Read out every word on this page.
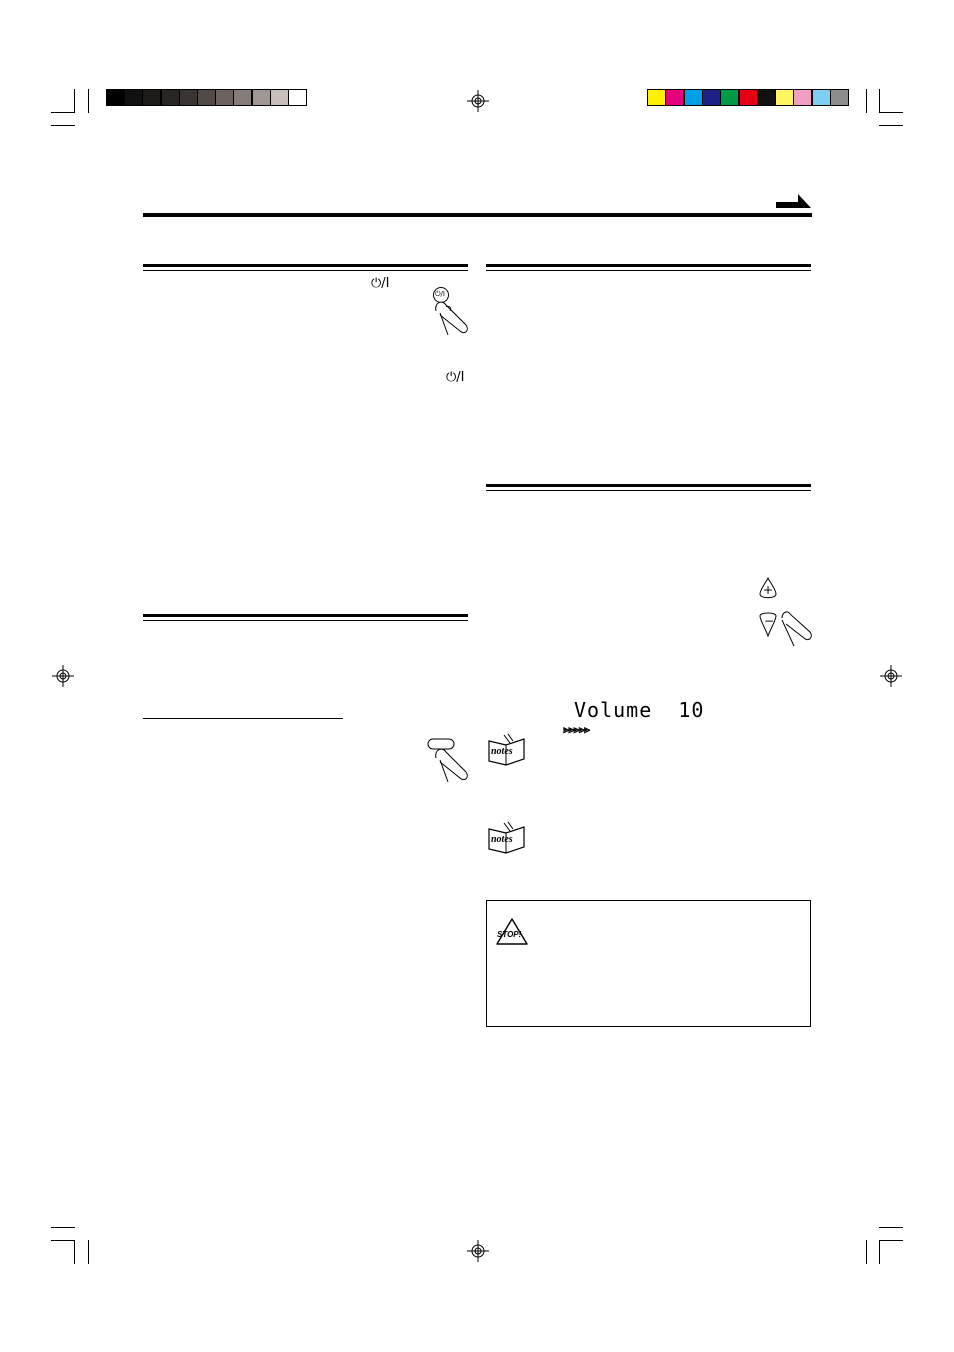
⏻/I
⏻/I
⏻/I
+
−
Volume  10
⪢⪢⪢⪢⪢
notes
notes
STOP!
